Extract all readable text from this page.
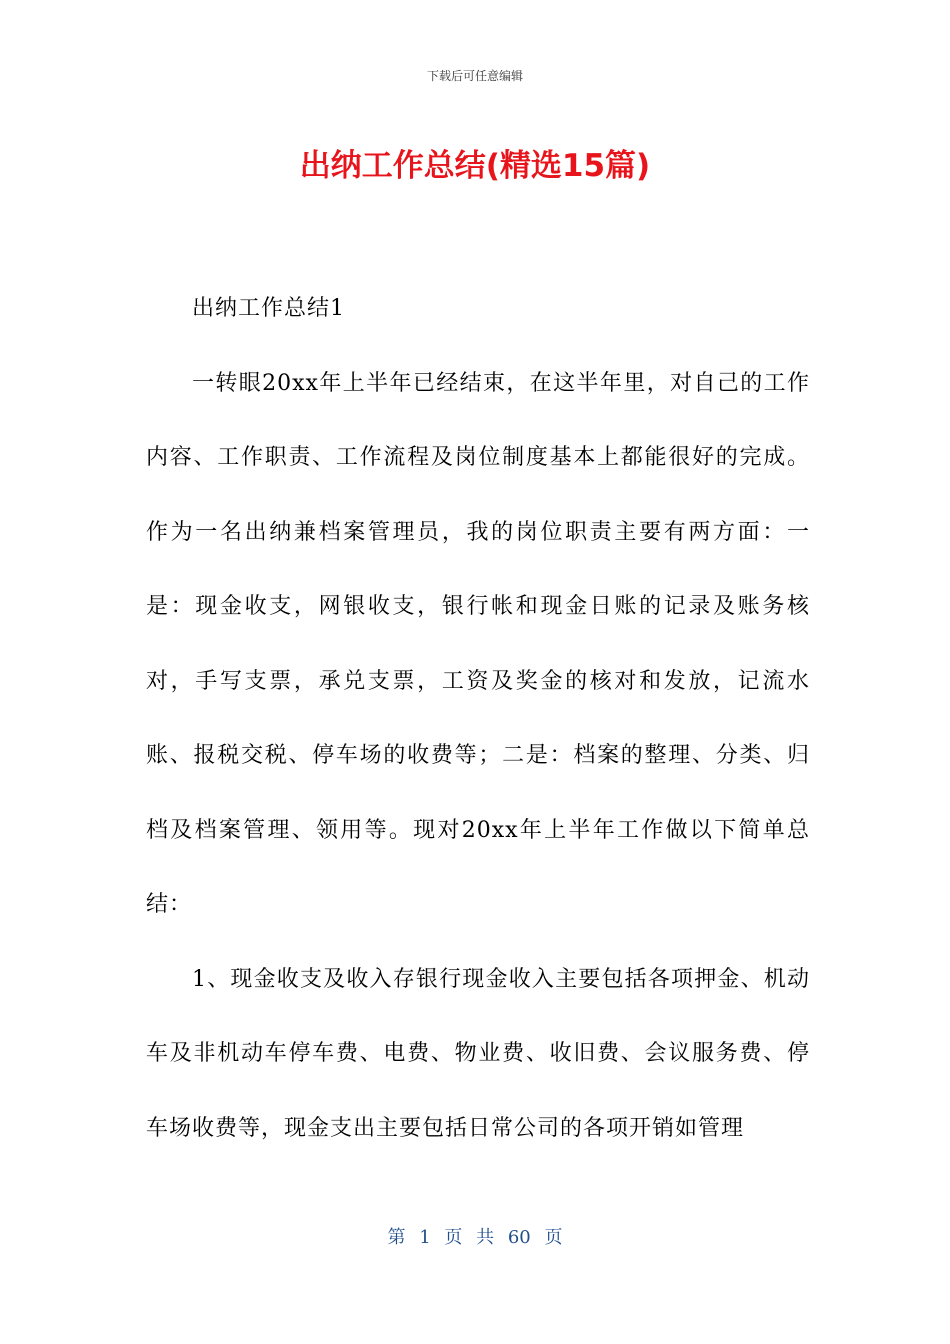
下载后可任意编辑
出纳工作总结(精选15篇)

出纳工作总结1

一转眼20xx年上半年已经结束，在这半年里，对自己的工作内容、工作职责、工作流程及岗位制度基本上都能很好的完成。作为一名出纳兼档案管理员，我的岗位职责主要有两方面：一是：现金收支，网银收支，银行帐和现金日账的记录及账务核对，手写支票，承兑支票，工资及奖金的核对和发放，记流水账、报税交税、停车场的收费等；二是：档案的整理、分类、归档及档案管理、领用等。现对20xx年上半年工作做以下简单总结：

1、现金收支及收入存银行现金收入主要包括各项押金、机动车及非机动车停车费、电费、物业费、收旧费、会议服务费、停车场收费等，现金支出主要包括日常公司的各项开销如管理

第 1 页 共 60 页
